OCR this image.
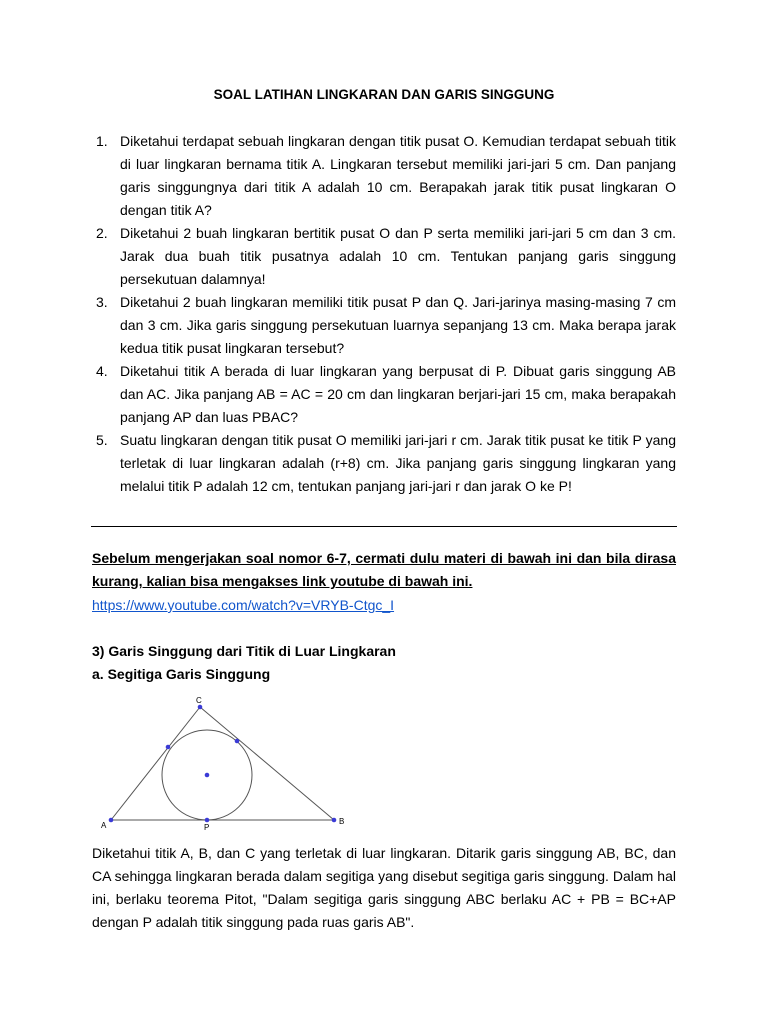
SOAL LATIHAN LINGKARAN DAN GARIS SINGGUNG

1. Diketahui terdapat sebuah lingkaran dengan titik pusat O. Kemudian terdapat sebuah titik di luar lingkaran bernama titik A. Lingkaran tersebut memiliki jari-jari 5 cm. Dan panjang garis singgungnya dari titik A adalah 10 cm. Berapakah jarak titik pusat lingkaran O dengan titik A?

2. Diketahui 2 buah lingkaran bertitik pusat O dan P serta memiliki jari-jari 5 cm dan 3 cm. Jarak dua buah titik pusatnya adalah 10 cm. Tentukan panjang garis singgung persekutuan dalamnya!

3. Diketahui 2 buah lingkaran memiliki titik pusat P dan Q. Jari-jarinya masing-masing 7 cm dan 3 cm. Jika garis singgung persekutuan luarnya sepanjang 13 cm. Maka berapa jarak kedua titik pusat lingkaran tersebut?

4. Diketahui titik A berada di luar lingkaran yang berpusat di P. Dibuat garis singgung AB dan AC. Jika panjang AB = AC = 20 cm dan lingkaran berjari-jari 15 cm, maka berapakah panjang AP dan luas PBAC?

5. Suatu lingkaran dengan titik pusat O memiliki jari-jari r cm. Jarak titik pusat ke titik P yang terletak di luar lingkaran adalah (r+8) cm. Jika panjang garis singgung lingkaran yang melalui titik P adalah 12 cm, tentukan panjang jari-jari r dan jarak O ke P!

Sebelum mengerjakan soal nomor 6-7, cermati dulu materi di bawah ini dan bila dirasa kurang, kalian bisa mengakses link youtube di bawah ini.
https://www.youtube.com/watch?v=VRYB-Ctgc_I
3) Garis Singgung dari Titik di Luar Lingkaran
a. Segitiga Garis Singgung
A	B
C
P
Diketahui titik A, B, dan C yang terletak di luar lingkaran. Ditarik garis singgung AB, BC, dan CA sehingga lingkaran berada dalam segitiga yang disebut segitiga garis singgung. Dalam hal ini, berlaku teorema Pitot, "Dalam segitiga garis singgung ABC berlaku AC + PB = BC+AP dengan P adalah titik singgung pada ruas garis AB".
